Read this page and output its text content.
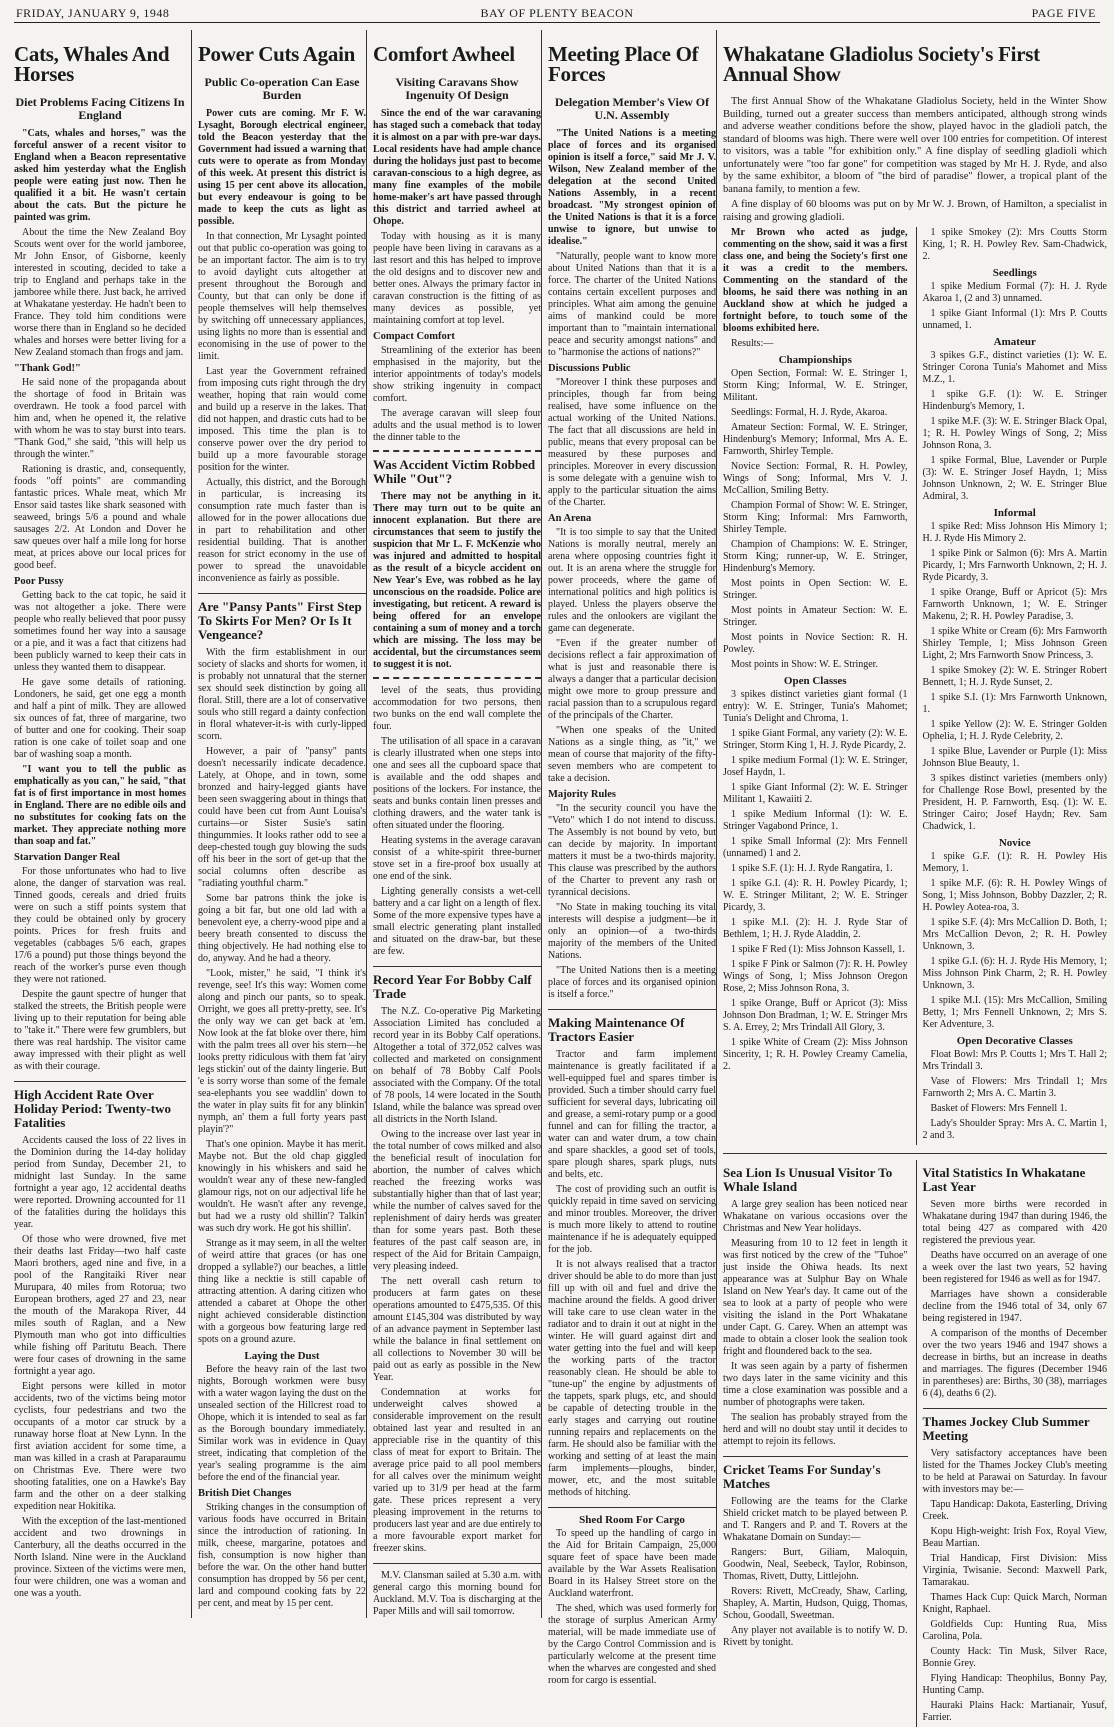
FRIDAY, JANUARY 9, 1948	BAY OF PLENTY BEACON	PAGE FIVE
Cats, Whales And Horses
Diet Problems Facing Citizens In England

"Cats, whales and horses," was the forceful answer of a recent visitor to England when a Beacon representative asked him yesterday what the English people were eating just now. Then he qualified it a bit. He wasn't certain about the cats. But the picture he painted was grim.

About the time the New Zealand Boy Scouts went over for the world jamboree, Mr John Ensor, of Gisborne, keenly interested in scouting, decided to take a trip to England and perhaps take in the jamboree while there. Just back, he arrived at Whakatane yesterday. He hadn't been to France. They told him conditions were worse there than in England so he decided whales and horses were better living for a New Zealand stomach than frogs and jam.

"Thank God!"

He said none of the propaganda about the shortage of food in Britain was overdrawn. He took a food parcel with him and, when he opened it, the relative with whom he was to stay burst into tears. "Thank God," she said, "this will help us through the winter."

Rationing is drastic, and, consequently, foods "off points" are commanding fantastic prices. Whale meat, which Mr Ensor said tastes like shark seasoned with seaweed, brings 5/6 a pound and whale sausages 2/2. At London and Dover he saw queues over half a mile long for horse meat, at prices above our local prices for good beef.

Poor Pussy

Getting back to the cat topic, he said it was not altogether a joke. There were people who really believed that poor pussy sometimes found her way into a sausage or a pie, and it was a fact that citizens had been publicly warned to keep their cats in unless they wanted them to disappear.

He gave some details of rationing. Londoners, he said, get one egg a month and half a pint of milk. They are allowed six ounces of fat, three of margarine, two of butter and one for cooking. Their soap ration is one cake of toilet soap and one bar of washing soap a month.

"I want you to tell the public as emphatically as you can," he said, "that fat is of first importance in most homes in England. There are no edible oils and no substitutes for cooking fats on the market. They appreciate nothing more than soap and fat."

Starvation Danger Real

For those unfortunates who had to live alone, the danger of starvation was real. Tinned goods, cereals and dried fruits were on such a stiff points system that they could be obtained only by grocery points. Prices for fresh fruits and vegetables (cabbages 5/6 each, grapes 17/6 a pound) put those things beyond the reach of the worker's purse even though they were not rationed.

Despite the gaunt spectre of hunger that stalked the streets, the British people were living up to their reputation for being able to "take it." There were few grumblers, but there was real hardship. The visitor came away impressed with their plight as well as with their courage.

High Accident Rate Over Holiday Period: Twenty-two Fatalities

Accidents caused the loss of 22 lives in the Dominion during the 14-day holiday period from Sunday, December 21, to midnight last Sunday. In the same fortnight a year ago, 12 accidental deaths were reported. Drowning accounted for 11 of the fatalities during the holidays this year.

Of those who were drowned, five met their deaths last Friday—two half caste Maori brothers, aged nine and five, in a pool of the Rangitaiki River near Murupara, 40 miles from Rotorua; two European brothers, aged 27 and 23, near the mouth of the Marakopa River, 44 miles south of Raglan, and a New Plymouth man who got into difficulties while fishing off Paritutu Beach. There were four cases of drowning in the same fortnight a year ago.

Eight persons were killed in motor accidents, two of the victims being motor cyclists, four pedestrians and two the occupants of a motor car struck by a runaway horse float at New Lynn. In the first aviation accident for some time, a man was killed in a crash at Paraparaumu on Christmas Eve. There were two shooting fatalities, one on a Hawke's Bay farm and the other on a deer stalking expedition near Hokitika.

With the exception of the last-mentioned accident and two drownings in Canterbury, all the deaths occurred in the North Island. Nine were in the Auckland province. Sixteen of the victims were men, four were children, one was a woman and one was a youth.

Power Cuts Again
Public Co-operation Can Ease Burden

Power cuts are coming. Mr F. W. Lysaght, Borough electrical engineer, told the Beacon yesterday that the Government had issued a warning that cuts were to operate as from Monday of this week. At present this district is using 15 per cent above its allocation, but every endeavour is going to be made to keep the cuts as light as possible.

In that connection, Mr Lysaght pointed out that public co-operation was going to be an important factor. The aim is to try to avoid daylight cuts altogether at present throughout the Borough and County, but that can only be done if people themselves will help themselves by switching off unnecessary appliances, using lights no more than is essential and economising in the use of power to the limit.

Last year the Government refrained from imposing cuts right through the dry weather, hoping that rain would come and build up a reserve in the lakes. That did not happen, and drastic cuts had to be imposed. This time the plan is to conserve power over the dry period to build up a more favourable storage position for the winter.

Actually, this district, and the Borough in particular, is increasing its consumption rate much faster than is allowed for in the power allocations due in part to rehabilitation and other residential building. That is another reason for strict economy in the use of power to spread the unavoidable inconvenience as fairly as possible.

Are "Pansy Pants" First Step To Skirts For Men? Or Is It Vengeance?

With the firm establishment in our society of slacks and shorts for women, it is probably not unnatural that the sterner sex should seek distinction by going all floral. Still, there are a lot of conservative souls who still regard a dainty confection in floral whatever-it-is with curly-lipped scorn.

However, a pair of "pansy" pants doesn't necessarily indicate decadence. Lately, at Ohope, and in town, some bronzed and hairy-legged giants have been seen swaggering about in things that could have been cut from Aunt Louisa's curtains—or Sister Susie's satin thingummies. It looks rather odd to see a deep-chested tough guy blowing the suds off his beer in the sort of get-up that the social columns often describe as "radiating youthful charm."

Some bar patrons think the joke is going a bit far, but one old lad with a benevolent eye, a cherry-wood pipe and a beery breath consented to discuss the thing objectively. He had nothing else to do, anyway. And he had a theory.

"Look, mister," he said, "I think it's revenge, see! It's this way: Women come along and pinch our pants, so to speak. Orright, we goes all pretty-pretty, see. It's the only way we can get back at 'em. Now look at the fat bloke over there, him with the palm trees all over his stern—he looks pretty ridiculous with them fat 'airy legs stickin' out of the dainty lingerie. But 'e is sorry worse than some of the female sea-elephants you see waddlin' down to the water in play suits fit for any blinkin' nymph, an' them a full forty years past playin'?"

That's one opinion. Maybe it has merit. Maybe not. But the old chap giggled knowingly in his whiskers and said he wouldn't wear any of these new-fangled glamour rigs, not on our adjectival life he wouldn't. He wasn't after any revenge, but had we a rusty old shillin'? Talkin' was such dry work. He got his shillin'.

Strange as it may seem, in all the welter of weird attire that graces (or has one dropped a syllable?) our beaches, a little thing like a necktie is still capable of attracting attention. A daring citizen who attended a cabaret at Ohope the other night achieved considerable distinction with a gorgeous bow featuring large red spots on a ground azure.

Laying the Dust

Before the heavy rain of the last two nights, Borough workmen were busy with a water wagon laying the dust on the unsealed section of the Hillcrest road to Ohope, which it is intended to seal as far as the Borough boundary immediately. Similar work was in evidence in Quay street, indicating that completion of the year's sealing programme is the aim before the end of the financial year.

British Diet Changes

Striking changes in the consumption of various foods have occurred in Britain since the introduction of rationing. In milk, cheese, margarine, potatoes and fish, consumption is now higher than before the war. On the other hand butter consumption has dropped by 56 per cent, lard and compound cooking fats by 22 per cent, and meat by 15 per cent.

Comfort Awheel
Visiting Caravans Show Ingenuity Of Design

Since the end of the war caravaning has staged such a comeback that today it is almost on a par with pre-war days. Local residents have had ample chance during the holidays just past to become caravan-conscious to a high degree, as many fine examples of the mobile home-maker's art have passed through this district and tarried awheel at Ohope.

Today with housing as it is many people have been living in caravans as a last resort and this has helped to improve the old designs and to discover new and better ones. Always the primary factor in caravan construction is the fitting of as many devices as possible, yet maintaining comfort at top level.

Compact Comfort

Streamlining of the exterior has been emphasised in the majority, but the interior appointments of today's models show striking ingenuity in compact comfort.

The average caravan will sleep four adults and the usual method is to lower the dinner table to the

Was Accident Victim Robbed While "Out"?

There may not be anything in it. There may turn out to be quite an innocent explanation. But there are circumstances that seem to justify the suspicion that Mr L. F. McKenzie who was injured and admitted to hospital as the result of a bicycle accident on New Year's Eve, was robbed as he lay unconscious on the roadside. Police are investigating, but reticent. A reward is being offered for an envelope containing a sum of money and a torch which are missing. The loss may be accidental, but the circumstances seem to suggest it is not.

level of the seats, thus providing accommodation for two persons, then two bunks on the end wall complete the four.

The utilisation of all space in a caravan is clearly illustrated when one steps into one and sees all the cupboard space that is available and the odd shapes and positions of the lockers. For instance, the seats and bunks contain linen presses and clothing drawers, and the water tank is often situated under the flooring.

Heating systems in the average caravan consist of a white-spirit three-burner stove set in a fire-proof box usually at one end of the sink.

Lighting generally consists a wet-cell battery and a car light on a length of flex. Some of the more expensive types have a small electric generating plant installed and situated on the draw-bar, but these are few.

Record Year For Bobby Calf Trade

The N.Z. Co-operative Pig Marketing Association Limited has concluded a record year in its Bobby Calf operations. Altogether a total of 372,052 calves was collected and marketed on consignment on behalf of 78 Bobby Calf Pools associated with the Company. Of the total of 78 pools, 14 were located in the South Island, while the balance was spread over all districts in the North Island.

Owing to the increase over last year in the total number of cows milked and also the beneficial result of inoculation for abortion, the number of calves which reached the freezing works was substantially higher than that of last year; while the number of calves saved for the replenishment of dairy herds was greater than for some years past. Both these features of the past calf season are, in respect of the Aid for Britain Campaign, very pleasing indeed.

The nett overall cash return to producers at farm gates on these operations amounted to £475,535. Of this amount £145,304 was distributed by way of an advance payment in September last while the balance in final settlement on all collections to November 30 will be paid out as early as possible in the New Year.

Condemnation at works for underweight calves showed a considerable improvement on the result obtained last year and resulted in an appreciable rise in the quantity of this class of meat for export to Britain. The average price paid to all pool members for all calves over the minimum weight varied up to 31/9 per head at the farm gate. These prices represent a very pleasing improvement in the returns to producers last year and are due entirely to a more favourable export market for freezer skins.

M.V. Clansman sailed at 5.30 a.m. with general cargo this morning bound for Auckland. M.V. Toa is discharging at the Paper Mills and will sail tomorrow.

Meeting Place Of Forces
Delegation Member's View Of U.N. Assembly

"The United Nations is a meeting place of forces and its organised opinion is itself a force," said Mr J. V. Wilson, New Zealand member of the delegation at the second United Nations Assembly, in a recent broadcast. "My strongest opinion of the United Nations is that it is a force unwise to ignore, but unwise to idealise."

"Naturally, people want to know more about United Nations than that it is a force. The charter of the United Nations contains certain excellent purposes and principles. What aim among the genuine aims of mankind could be more important than to "maintain international peace and security amongst nations" and to "harmonise the actions of nations?"

Discussions Public

"Moreover I think these purposes and principles, though far from being realised, have some influence on the actual working of the United Nations. The fact that all discussions are held in public, means that every proposal can be measured by these purposes and principles. Moreover in every discussion is some delegate with a genuine wish to apply to the particular situation the aims of the Charter.

An Arena

"It is too simple to say that the United Nations is morally neutral, merely an arena where opposing countries fight it out. It is an arena where the struggle for power proceeds, where the game of international politics and high politics is played. Unless the players observe the rules and the onlookers are vigilant the game can degenerate.

"Even if the greater number of decisions reflect a fair approximation of what is just and reasonable there is always a danger that a particular decision might owe more to group pressure and racial passion than to a scrupulous regard of the principals of the Charter.

"When one speaks of the United Nations as a single thing, as "it," we mean of course that majority of the fifty-seven members who are competent to take a decision.

Majority Rules

"In the security council you have the "Veto" which I do not intend to discuss. The Assembly is not bound by veto, but can decide by majority. In important matters it must be a two-thirds majority. This clause was prescribed by the authors of the Charter to prevent any rash or tyrannical decisions.

"No State in making touching its vital interests will despise a judgment—be it only an opinion—of a two-thirds majority of the members of the United Nations.

"The United Nations then is a meeting place of forces and its organised opinion is itself a force."

Making Maintenance Of Tractors Easier

Tractor and farm implement maintenance is greatly facilitated if a well-equipped fuel and spares timber is provided. Such a timber should carry fuel sufficient for several days, lubricating oil and grease, a semi-rotary pump or a good funnel and can for filling the tractor, a water can and water drum, a tow chain and spare shackles, a good set of tools, spare plough shares, spark plugs, nuts and belts, etc.

The cost of providing such an outfit is quickly repaid in time saved on servicing and minor troubles. Moreover, the driver is much more likely to attend to routine maintenance if he is adequately equipped for the job.

It is not always realised that a tractor driver should be able to do more than just fill up with oil and fuel and drive the machine around the fields. A good driver will take care to use clean water in the radiator and to drain it out at night in the winter. He will guard against dirt and water getting into the fuel and will keep the working parts of the tractor reasonably clean. He should be able to "tune-up" the engine by adjustments of the tappets, spark plugs, etc, and should be capable of detecting trouble in the early stages and carrying out routine running repairs and replacements on the farm. He should also be familiar with the working and setting of at least the main farm implements—ploughs, binder, mower, etc, and the most suitable methods of hitching.

Shed Room For Cargo

To speed up the handling of cargo in the Aid for Britain Campaign, 25,000 square feet of space have been made available by the War Assets Realisation Board in its Halsey Street store on the Auckland waterfront.

The shed, which was used formerly for the storage of surplus American Army material, will be made immediate use of by the Cargo Control Commission and is particularly welcome at the present time when the wharves are congested and shed room for cargo is essential.

Whakatane Gladiolus Society's First Annual Show

The first Annual Show of the Whakatane Gladiolus Society, held in the Winter Show Building, turned out a greater success than members anticipated, although strong winds and adverse weather conditions before the show, played havoc in the gladioli patch, the standard of blooms was high. There were well over 100 entries for competition. Of interest to visitors, was a table "for exhibition only." A fine display of seedling gladioli which unfortunately were "too far gone" for competition was staged by Mr H. J. Ryde, and also by the same exhibitor, a bloom of "the bird of paradise" flower, a tropical plant of the banana family, to mention a few.

A fine display of 60 blooms was put on by Mr W. J. Brown, of Hamilton, a specialist in raising and growing gladioli.

Mr Brown who acted as judge, commenting on the show, said it was a first class one, and being the Society's first one it was a credit to the members. Commenting on the standard of the blooms, he said there was nothing in an Auckland show at which he judged a fortnight before, to touch some of the blooms exhibited here.

Results:—

Championships

Open Section, Formal: W. E. Stringer 1, Storm King; Informal, W. E. Stringer, Militant.

Seedlings: Formal, H. J. Ryde, Akaroa.

Amateur Section: Formal, W. E. Stringer, Hindenburg's Memory; Informal, Mrs A. E. Farnworth, Shirley Temple.

Novice Section: Formal, R. H. Powley, Wings of Song; Informal, Mrs V. J. McCallion, Smiling Betty.

Champion Formal of Show: W. E. Stringer, Storm King; Informal: Mrs Farnworth, Shirley Temple.

Champion of Champions: W. E. Stringer, Storm King; runner-up, W. E. Stringer, Hindenburg's Memory.

Most points in Open Section: W. E. Stringer.

Most points in Amateur Section: W. E. Stringer.

Most points in Novice Section: R. H. Powley.

Most points in Show: W. E. Stringer.

Open Classes

3 spikes distinct varieties giant formal (1 entry): W. E. Stringer, Tunia's Mahomet; Tunia's Delight and Chroma, 1.

1 spike Giant Formal, any variety (2): W. E. Stringer, Storm King 1, H. J. Ryde Picardy, 2.

1 spike medium Formal (1): W. E. Stringer, Josef Haydn, 1.

1 spike Giant Informal (2): W. E. Stringer Militant 1, Kawaiiti 2.

1 spike Medium Informal (1): W. E. Stringer Vagabond Prince, 1.

1 spike Small Informal (2): Mrs Fennell (unnamed) 1 and 2.

1 spike S.F. (1): H. J. Ryde Rangatira, 1.

1 spike G.I. (4): R. H. Powley Picardy, 1; W. E. Stringer Militant, 2; W. E. Stringer Picardy, 3.

1 spike M.I. (2): H. J. Ryde Star of Bethlem, 1; H. J. Ryde Aladdin, 2.

1 spike F Red (1): Miss Johnson Kassell, 1.

1 spike F Pink or Salmon (7): R. H. Powley Wings of Song, 1; Miss Johnson Oregon Rose, 2; Miss Johnson Rona, 3.

1 spike Orange, Buff or Apricot (3): Miss Johnson Don Bradman, 1; W. E. Stringer Mrs S. A. Errey, 2; Mrs Trindall All Glory, 3.

1 spike White of Cream (2): Miss Johnson Sincerity, 1; R. H. Powley Creamy Camelia, 2.

1 spike Smokey (2): Mrs Coutts Storm King, 1; R. H. Powley Rev. Sam-Chadwick, 2.

Seedlings

1 spike Medium Formal (7): H. J. Ryde Akaroa 1, (2 and 3) unnamed.

1 spike Giant Informal (1): Mrs P. Coutts unnamed, 1.

Amateur

3 spikes G.F., distinct varieties (1): W. E. Stringer Corona Tunia's Mahomet and Miss M.Z., 1.

1 spike G.F. (1): W. E. Stringer Hindenburg's Memory, 1.

1 spike M.F. (3): W. E. Stringer Black Opal, 1; R. H. Powley Wings of Song, 2; Miss Johnson Rona, 3.

1 spike Formal, Blue, Lavender or Purple (3): W. E. Stringer Josef Haydn, 1; Miss Johnson Unknown, 2; W. E. Stringer Blue Admiral, 3.

Informal

1 spike Red: Miss Johnson His Mimory 1; H. J. Ryde His Mimory 2.

1 spike Pink or Salmon (6): Mrs A. Martin Picardy, 1; Mrs Farnworth Unknown, 2; H. J. Ryde Picardy, 3.

1 spike Orange, Buff or Apricot (5): Mrs Farnworth Unknown, 1; W. E. Stringer Makenu, 2; R. H. Powley Paradise, 3.

1 spike White or Cream (6): Mrs Farnworth Shirley Temple, 1; Miss Johnson Green Light, 2; Mrs Farnworth Snow Princess, 3.

1 spike Smokey (2): W. E. Stringer Robert Bennett, 1; H. J. Ryde Sunset, 2.

1 spike S.I. (1): Mrs Farnworth Unknown, 1.

1 spike Yellow (2): W. E. Stringer Golden Ophelia, 1; H. J. Ryde Celebrity, 2.

1 spike Blue, Lavender or Purple (1): Miss Johnson Blue Beauty, 1.

3 spikes distinct varieties (members only) for Challenge Rose Bowl, presented by the President, H. P. Farnworth, Esq. (1): W. E. Stringer Cairo; Josef Haydn; Rev. Sam Chadwick, 1.

Novice

1 spike G.F. (1): R. H. Powley His Memory, 1.

1 spike M.F. (6): R. H. Powley Wings of Song, 1; Miss Johnson, Bobby Dazzler, 2; R. H. Powley Aotea-roa, 3.

1 spike S.F. (4): Mrs McCallion D. Both, 1; Mrs McCallion Devon, 2; R. H. Powley Unknown, 3.

1 spike G.I. (6): H. J. Ryde His Memory, 1; Miss Johnson Pink Charm, 2; R. H. Powley Unknown, 3.

1 spike M.I. (15): Mrs McCallion, Smiling Betty, 1; Mrs Fennell Unknown, 2; Mrs S. Ker Adventure, 3.

Open Decorative Classes

Float Bowl: Mrs P. Coutts 1; Mrs T. Hall 2; Mrs Trindall 3.

Vase of Flowers: Mrs Trindall 1; Mrs Farnworth 2; Mrs A. C. Martin 3.

Basket of Flowers: Mrs Fennell 1.

Lady's Shoulder Spray: Mrs A. C. Martin 1, 2 and 3.

Sea Lion Is Unusual Visitor To Whale Island

A large grey sealion has been noticed near Whakatane on various occasions over the Christmas and New Year holidays.

Measuring from 10 to 12 feet in length it was first noticed by the crew of the "Tuhoe" just inside the Ohiwa heads. Its next appearance was at Sulphur Bay on Whale Island on New Year's day. It came out of the sea to look at a party of people who were visiting the island in the Port Whakatane under Capt. G. Carey. When an attempt was made to obtain a closer look the sealion took fright and floundered back to the sea.

It was seen again by a party of fishermen two days later in the same vicinity and this time a close examination was possible and a number of photographs were taken.

The sealion has probably strayed from the herd and will no doubt stay until it decides to attempt to rejoin its fellows.

Cricket Teams For Sunday's Matches

Following are the teams for the Clarke Shield cricket match to be played between P. and T. Rangers and P. and T. Rovers at the Whakatane Domain on Sunday:—

Rangers: Burt, Giliam, Maloquin, Goodwin, Neal, Seebeck, Taylor, Robinson, Thomas, Rivett, Dutty, Littlejohn.

Rovers: Rivett, McCready, Shaw, Carling, Shapley, A. Martin, Hudson, Quigg, Thomas, Schou, Goodall, Sweetman.

Any player not available is to notify W. D. Rivett by tonight.

Vital Statistics In Whakatane Last Year

Seven more births were recorded in Whakatane during 1947 than during 1946, the total being 427 as compared with 420 registered the previous year.

Deaths have occurred on an average of one a week over the last two years, 52 having been registered for 1946 as well as for 1947.

Marriages have shown a considerable decline from the 1946 total of 34, only 67 being registered in 1947.

A comparison of the months of December over the two years 1946 and 1947 shows a decrease in births, but an increase in deaths and marriages. The figures (December 1946 in parentheses) are: Births, 30 (38), marriages 6 (4), deaths 6 (2).

Thames Jockey Club Summer Meeting

Very satisfactory acceptances have been listed for the Thames Jockey Club's meeting to be held at Parawai on Saturday. In favour with investors may be:—

Tapu Handicap: Dakota, Easterling, Driving Creek.

Kopu High-weight: Irish Fox, Royal View, Beau Martian.

Trial Handicap, First Division: Miss Virginia, Twisanie. Second: Maxwell Park, Tamarakau.

Thames Hack Cup: Quick March, Norman Knight, Raphael.

Goldfields Cup: Hunting Rua, Miss Carolina, Pola.

County Hack: Tin Musk, Silver Race, Bonnie Grey.

Flying Handicap: Theophilus, Bonny Pay, Hunting Camp.

Hauraki Plains Hack: Martianair, Yusuf, Farrier.
